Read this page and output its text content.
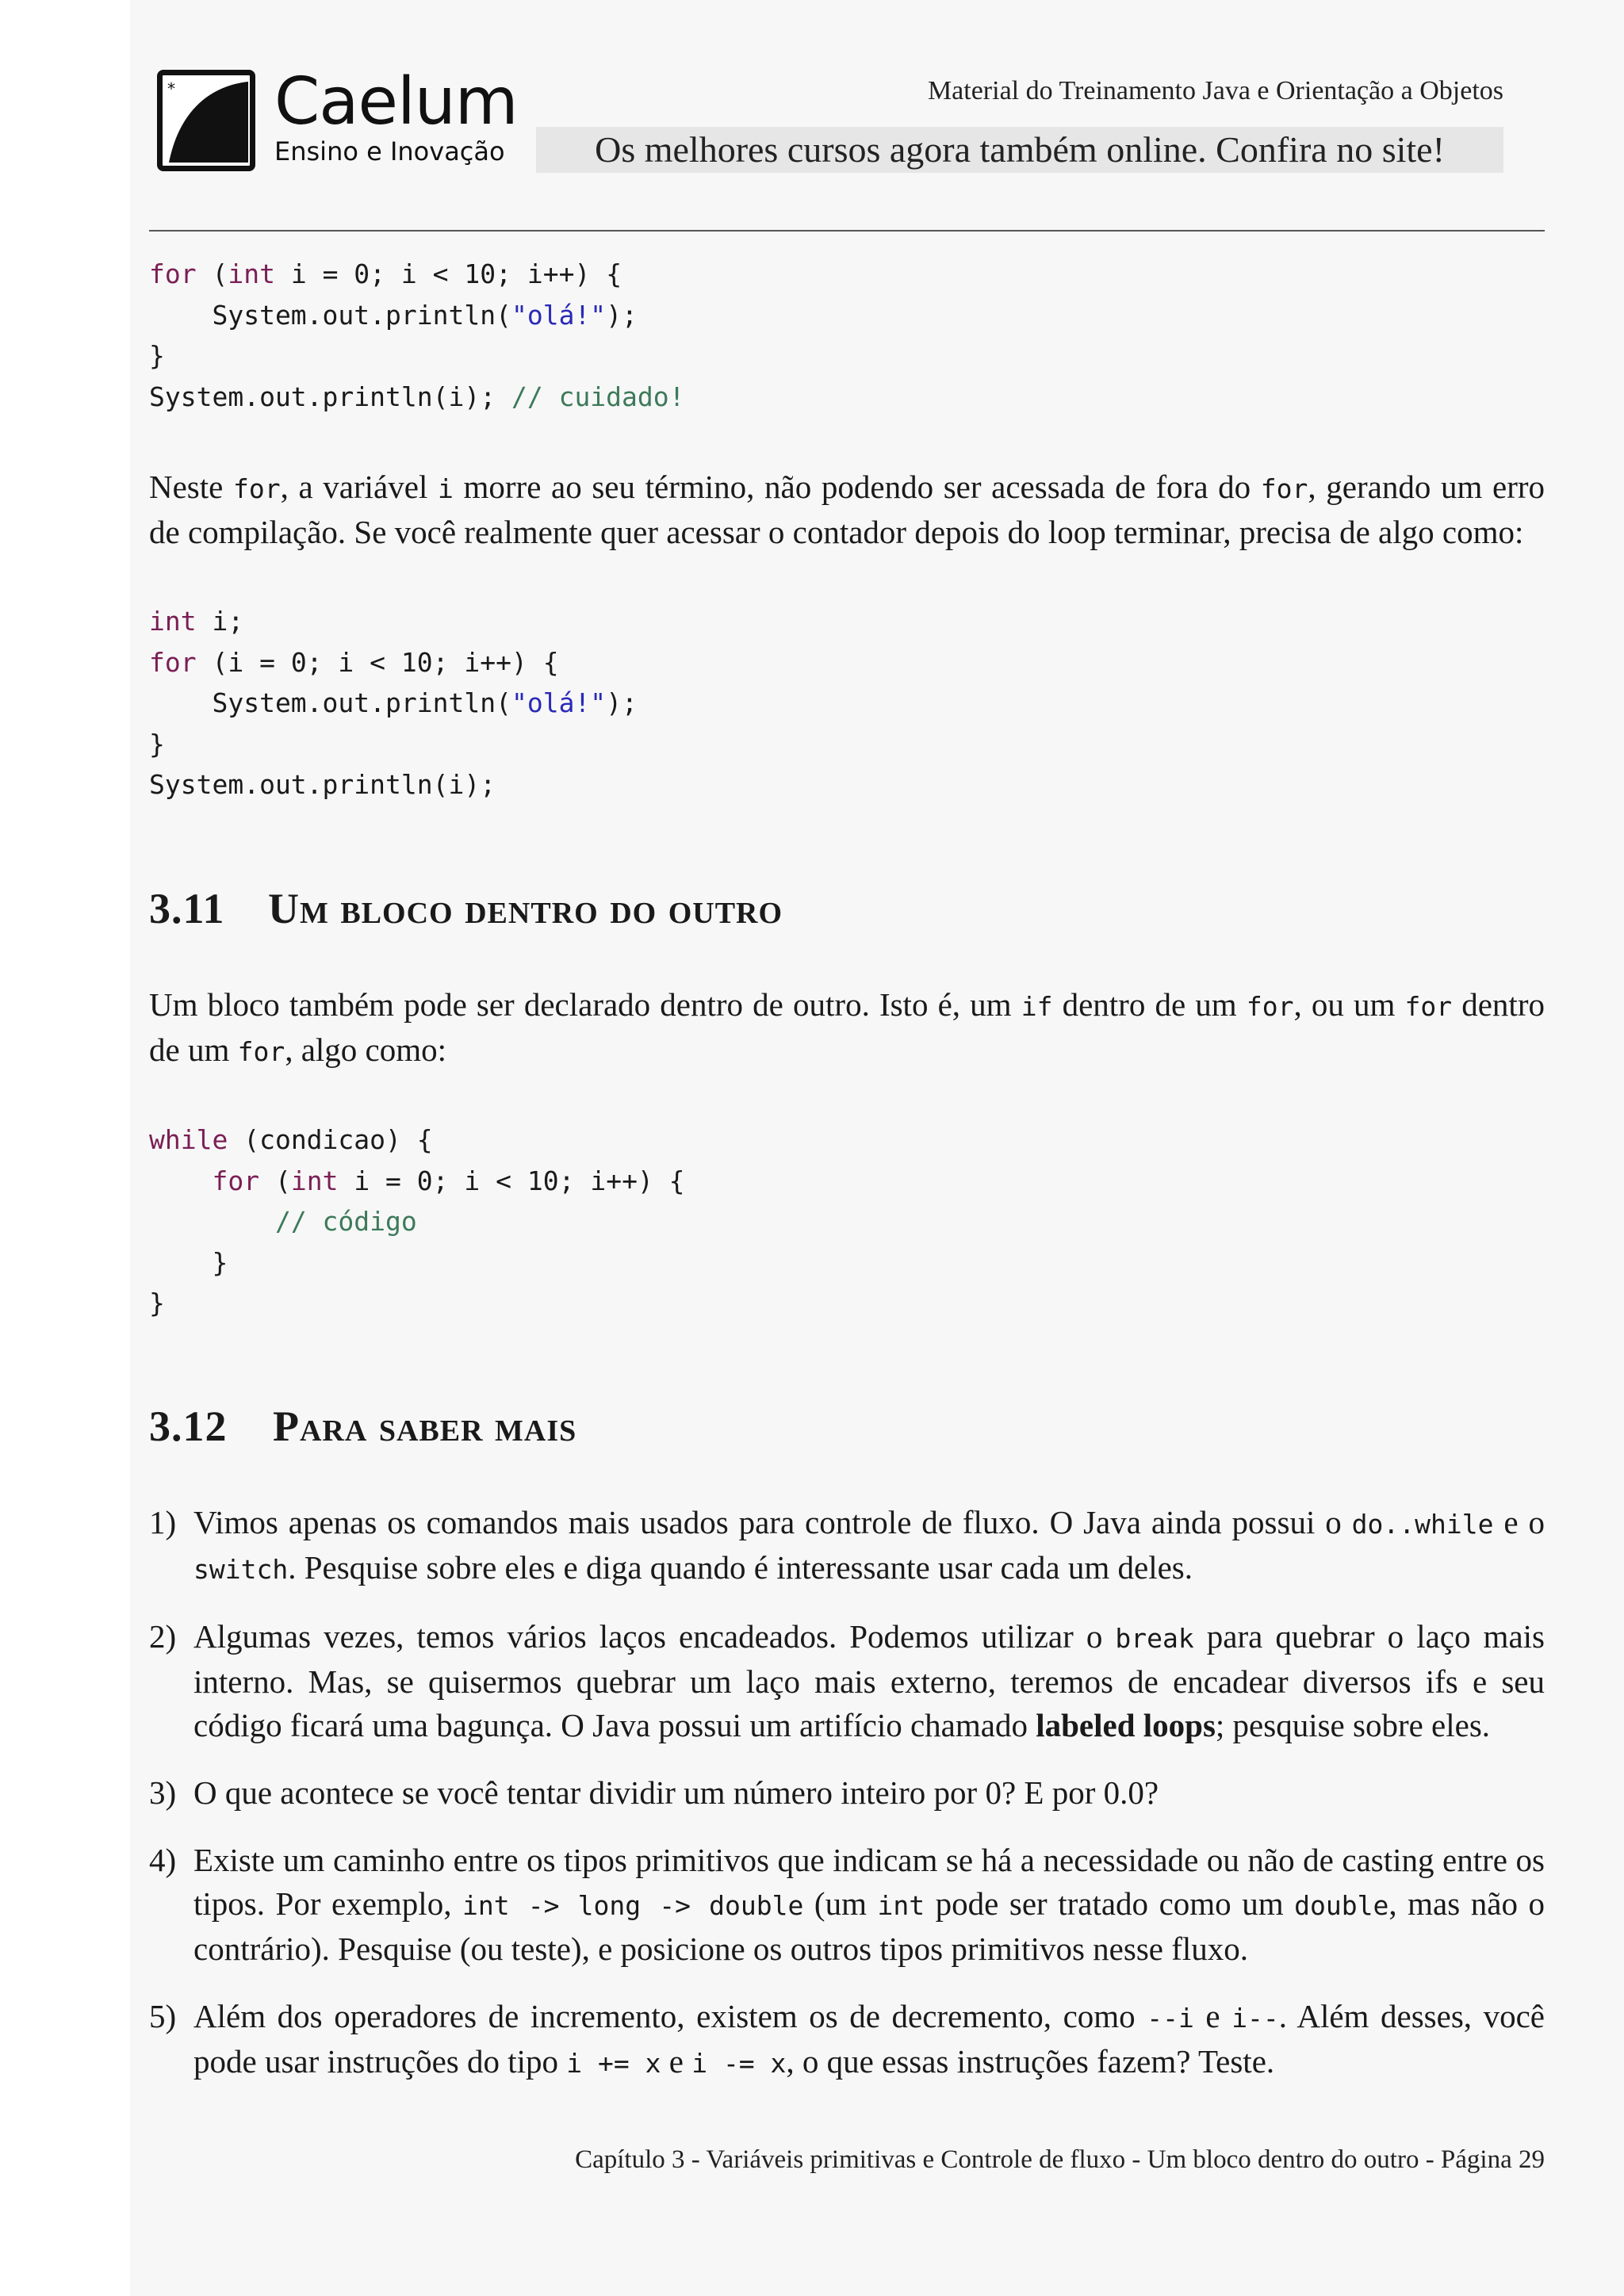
* Caelum
Ensino e Inovação
Material do Treinamento Java e Orientação a Objetos
Os melhores cursos agora também online. Confira no site!
for (int i = 0; i < 10; i++) {
System.out.println("olá!");
}
System.out.println(i); // cuidado!
Neste for, a variável i morre ao seu término, não podendo ser acessada de fora do for, gerando um erro de compilação. Se você realmente quer acessar o contador depois do loop terminar, precisa de algo como:
int i;
for (i = 0; i < 10; i++) {
System.out.println("olá!");
}
System.out.println(i);
3.11 Um bloco dentro do outro
Um bloco também pode ser declarado dentro de outro. Isto é, um if dentro de um for, ou um for dentro de um for, algo como:
while (condicao) {
for (int i = 0; i < 10; i++) {
// código
}
}
3.12 Para saber mais
1) Vimos apenas os comandos mais usados para controle de fluxo. O Java ainda possui o do..while e o switch. Pesquise sobre eles e diga quando é interessante usar cada um deles.
2) Algumas vezes, temos vários laços encadeados. Podemos utilizar o break para quebrar o laço mais interno. Mas, se quisermos quebrar um laço mais externo, teremos de encadear diversos ifs e seu código ficará uma bagunça. O Java possui um artifício chamado labeled loops; pesquise sobre eles.
3) O que acontece se você tentar dividir um número inteiro por 0? E por 0.0?
4) Existe um caminho entre os tipos primitivos que indicam se há a necessidade ou não de casting entre os tipos. Por exemplo, int -> long -> double (um int pode ser tratado como um double, mas não o contrário). Pesquise (ou teste), e posicione os outros tipos primitivos nesse fluxo.
5) Além dos operadores de incremento, existem os de decremento, como --i e i--. Além desses, você pode usar instruções do tipo i += x e i -= x, o que essas instruções fazem? Teste.
Capítulo 3 - Variáveis primitivas e Controle de fluxo - Um bloco dentro do outro - Página 29
